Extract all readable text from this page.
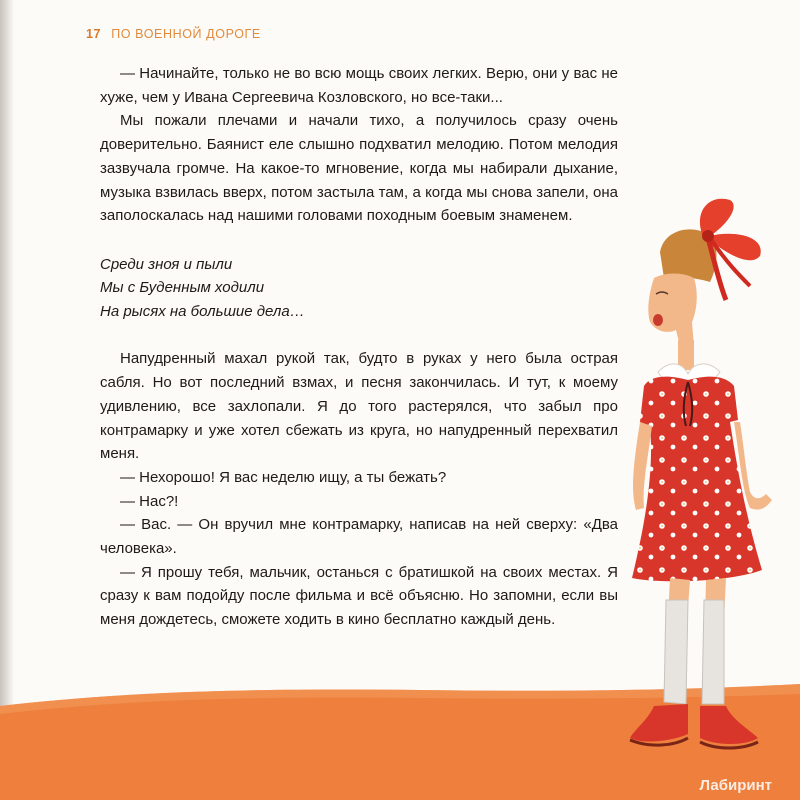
17 ПО ВОЕННОЙ ДОРОГЕ

— Начинайте, только не во всю мощь своих легких. Верю, они у вас не хуже, чем у Ивана Сергеевича Козловского, но все-таки...

Мы пожали плечами и начали тихо, а получилось сразу очень доверительно. Баянист еле слышно подхватил мелодию. Потом мелодия зазвучала громче. На какое-то мгновение, когда мы набирали дыхание, музыка взвилась вверх, потом застыла там, а когда мы снова запели, она заполоскалась над нашими головами походным боевым знаменем.

Среди зноя и пыли
Мы с Буденным ходили
На рысях на большие дела…

Напудренный махал рукой так, будто в руках у него была острая сабля. Но вот последний взмах, и песня закончилась. И тут, к моему удивлению, все захлопали. Я до того растерялся, что забыл про контрамарку и уже хотел сбежать из круга, но напудренный перехватил меня.

— Нехорошо! Я вас неделю ищу, а ты бежать?

— Нас?!

— Вас. — Он вручил мне контрамарку, написав на ней сверху: «Два человека».

— Я прошу тебя, мальчик, останься с братишкой на своих местах. Я сразу к вам подойду после фильма и всё объясню. Но запомни, если вы меня дождетесь, сможете ходить в кино бесплатно каждый день.

Лабиринт
